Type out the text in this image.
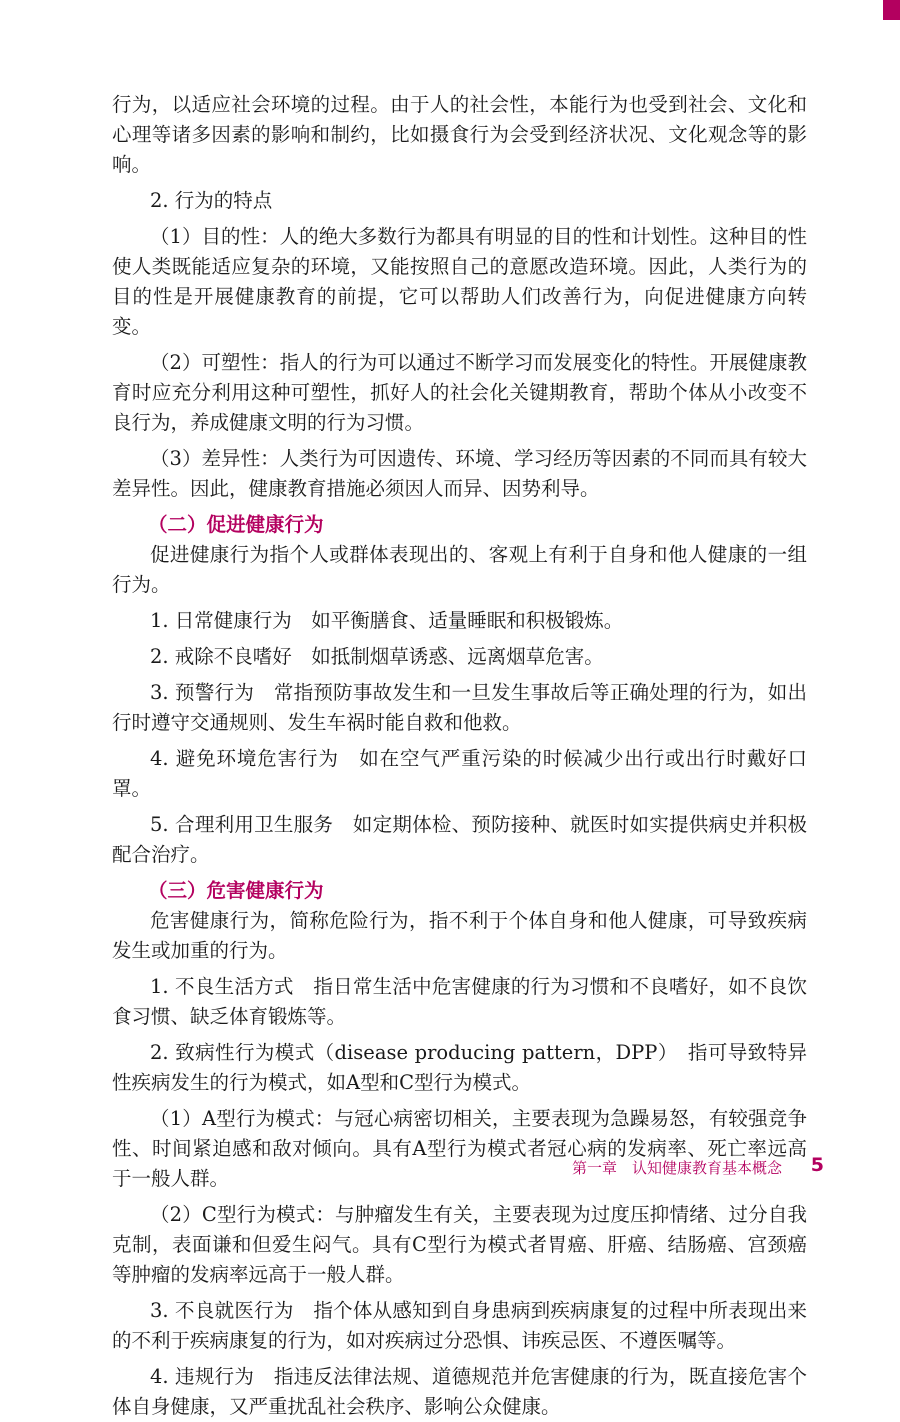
行为，以适应社会环境的过程。由于人的社会性，本能行为也受到社会、文化和心理等诸多因素的影响和制约，比如摄食行为会受到经济状况、文化观念等的影响。

2. 行为的特点

（1）目的性：人的绝大多数行为都具有明显的目的性和计划性。这种目的性使人类既能适应复杂的环境，又能按照自己的意愿改造环境。因此，人类行为的目的性是开展健康教育的前提，它可以帮助人们改善行为，向促进健康方向转变。

（2）可塑性：指人的行为可以通过不断学习而发展变化的特性。开展健康教育时应充分利用这种可塑性，抓好人的社会化关键期教育，帮助个体从小改变不良行为，养成健康文明的行为习惯。

（3）差异性：人类行为可因遗传、环境、学习经历等因素的不同而具有较大差异性。因此，健康教育措施必须因人而异、因势利导。

（二）促进健康行为

促进健康行为指个人或群体表现出的、客观上有利于自身和他人健康的一组行为。

1. 日常健康行为　如平衡膳食、适量睡眠和积极锻炼。

2. 戒除不良嗜好　如抵制烟草诱惑、远离烟草危害。

3. 预警行为　常指预防事故发生和一旦发生事故后等正确处理的行为，如出行时遵守交通规则、发生车祸时能自救和他救。

4. 避免环境危害行为　如在空气严重污染的时候减少出行或出行时戴好口罩。

5. 合理利用卫生服务　如定期体检、预防接种、就医时如实提供病史并积极配合治疗。

（三）危害健康行为

危害健康行为，简称危险行为，指不利于个体自身和他人健康，可导致疾病发生或加重的行为。

1. 不良生活方式　指日常生活中危害健康的行为习惯和不良嗜好，如不良饮食习惯、缺乏体育锻炼等。

2. 致病性行为模式（disease producing pattern，DPP）　指可导致特异性疾病发生的行为模式，如A型和C型行为模式。

（1）A型行为模式：与冠心病密切相关，主要表现为急躁易怒，有较强竞争性、时间紧迫感和敌对倾向。具有A型行为模式者冠心病的发病率、死亡率远高于一般人群。

（2）C型行为模式：与肿瘤发生有关，主要表现为过度压抑情绪、过分自我克制，表面谦和但爱生闷气。具有C型行为模式者胃癌、肝癌、结肠癌、宫颈癌等肿瘤的发病率远高于一般人群。

3. 不良就医行为　指个体从感知到自身患病到疾病康复的过程中所表现出来的不利于疾病康复的行为，如对疾病过分恐惧、讳疾忌医、不遵医嘱等。

4. 违规行为　指违反法律法规、道德规范并危害健康的行为，既直接危害个体自身健康，又严重扰乱社会秩序、影响公众健康。

第一章　认知健康教育基本概念 5
